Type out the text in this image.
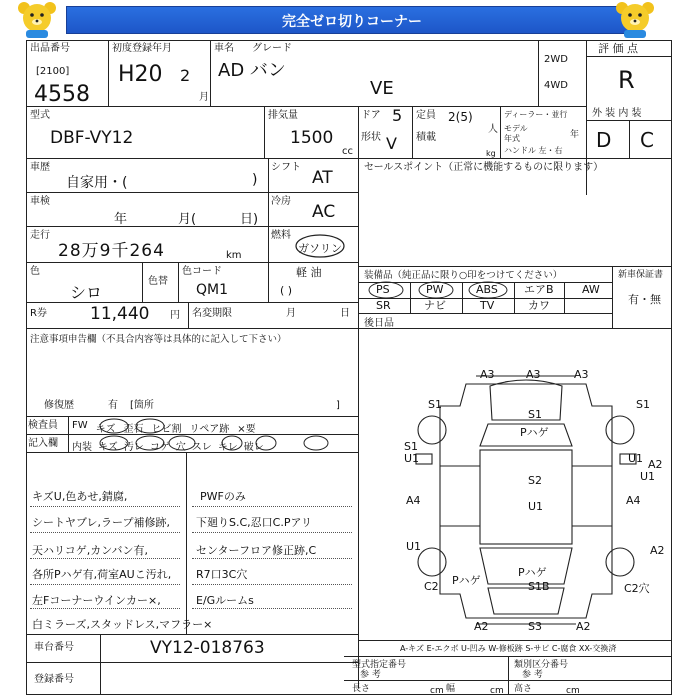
完全ゼロ切りコーナー
出品番号
[2100]
4558
初度登録年月
H20 2
月
車名 グレード
AD バン
VE
2WD
4WD
評 価 点
R
型式
DBF-VY12
排気量
1500
cc
ドア 5
形状 V
定員 2(5)
人
積載
kg
ディーラー・並行
モデル年式	年
ハンドル 左・右
外 装 内 装
D C
車歴
自家用・(	)
シフト
AT
車検
年	月(	日)
冷房
AC
走行
28万9千264	km
燃料
ガソリン
軽 油
( )
色
シロ
色替
色コード
QM1
R券	11,440 円 名変期限	月	日
セールスポイント（正常に機能するものに限ります）
装備品（純正品に限り○印をつけてください）	新車保証書
有・無
PS	PW	ABS エアB	AW
SR	ナビ	TV	カワ
後日品
注意事項申告欄（不具合内容等は具体的に記入して下さい）
修復歴	有 [箇所	]
検査員
記入欄
FW キズ 歪石 ヒビ割 リペア跡 ×要
内装 キズ 汚レ コゲ 穴 スレ キレ 破レ
キズU,色あせ,錆腐,
シートヤブレ,ラープ補修跡,
天ハリコゲ,カンバン有,
各所Pハゲ有,荷室AUこ汚れ,
左Fコーナーウインカー×,
白ミラーズ,スタッドレス,マフラー×
PWFのみ
下廻りS.C,忍口C.Pアリ
センターフロア修正跡,C
R7口3C穴
E/Gルームs
車台番号	VY12-018763
登録番号
A3	A3	A3
S1	S1
S1
U1	A2
S1
U1
A4	A4
S2
U1
A2
U1
Pハゲ
Pハゲ
Pハゲ	S1B
C2	C2穴
A2	S3	A2
U1
A-キズ E-エクボ U-凹み W-修板跡 S-サビ C-腐食 XX-交換済
型式指定番号
参 考
類別区分番号
参 考
長さ	cm 幅	cm 高さ	cm
